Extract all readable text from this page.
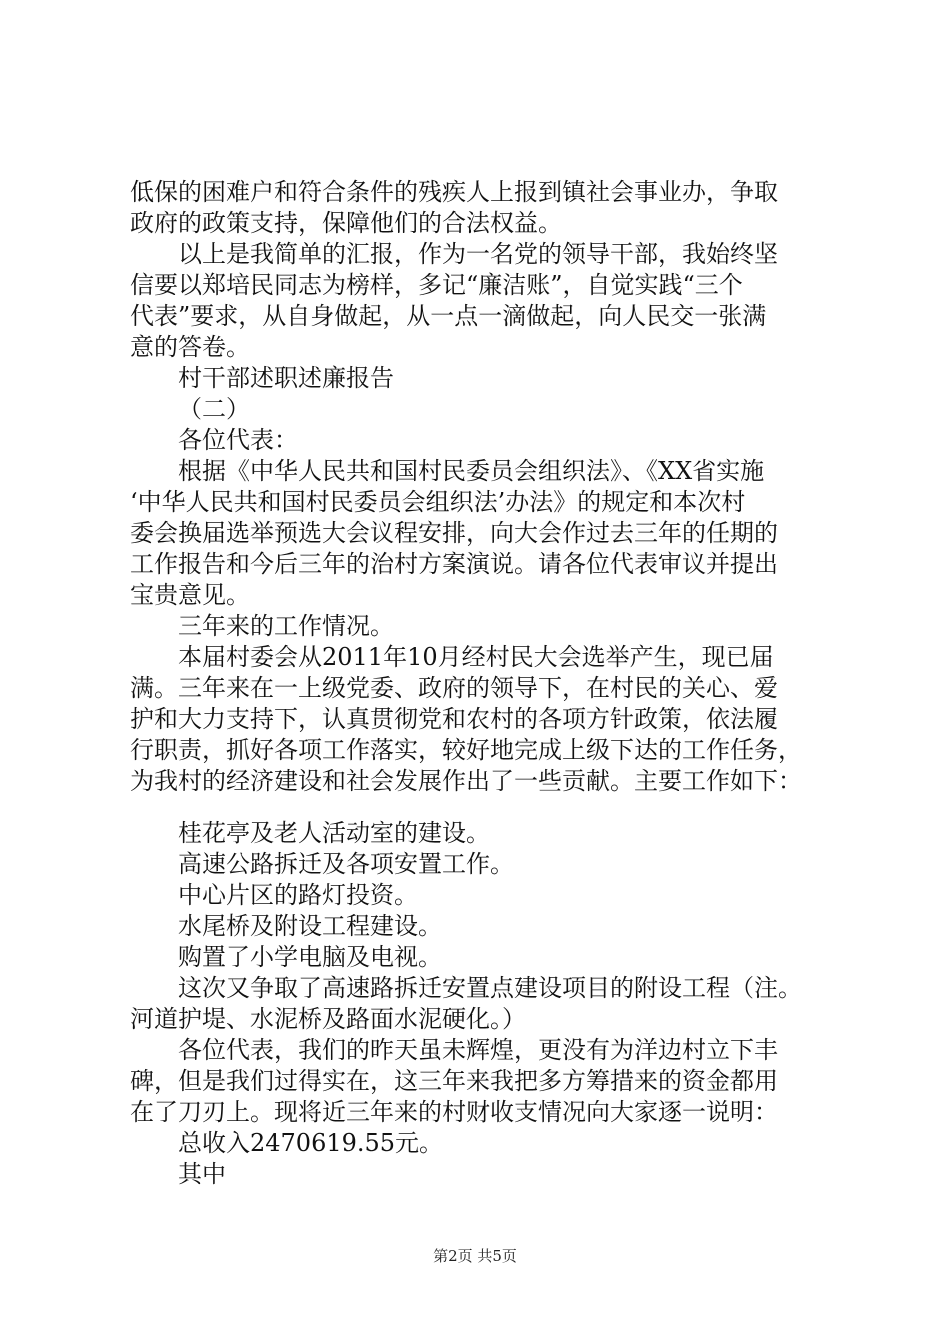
低保的困难户和符合条件的残疾人上报到镇社会事业办，争取
政府的政策支持，保障他们的合法权益。
以上是我简单的汇报，作为一名党的领导干部，我始终坚
信要以郑培民同志为榜样，多记“廉洁账”，自觉实践“三个
代表”要求，从自身做起，从一点一滴做起，向人民交一张满
意的答卷。
村干部述职述廉报告
（二）
各位代表：
根据《中华人民共和国村民委员会组织法》、《XX省实施
‘中华人民共和国村民委员会组织法’办法》的规定和本次村
委会换届选举预选大会议程安排，向大会作过去三年的任期的
工作报告和今后三年的治村方案演说。请各位代表审议并提出
宝贵意见。
三年来的工作情况。
本届村委会从2011年10月经村民大会选举产生，现已届
满。三年来在一上级党委、政府的领导下，在村民的关心、爱
护和大力支持下，认真贯彻党和农村的各项方针政策，依法履
行职责，抓好各项工作落实，较好地完成上级下达的工作任务，
为我村的经济建设和社会发展作出了一些贡献。主要工作如下：
桂花亭及老人活动室的建设。
高速公路拆迁及各项安置工作。
中心片区的路灯投资。
水尾桥及附设工程建设。
购置了小学电脑及电视。
这次又争取了高速路拆迁安置点建设项目的附设工程（注。
河道护堤、水泥桥及路面水泥硬化。）
各位代表，我们的昨天虽未辉煌，更没有为洋边村立下丰
碑，但是我们过得实在，这三年来我把多方筹措来的资金都用
在了刀刃上。现将近三年来的村财收支情况向大家逐一说明：
总收入2470619.55元。
其中
第2页 共5页
